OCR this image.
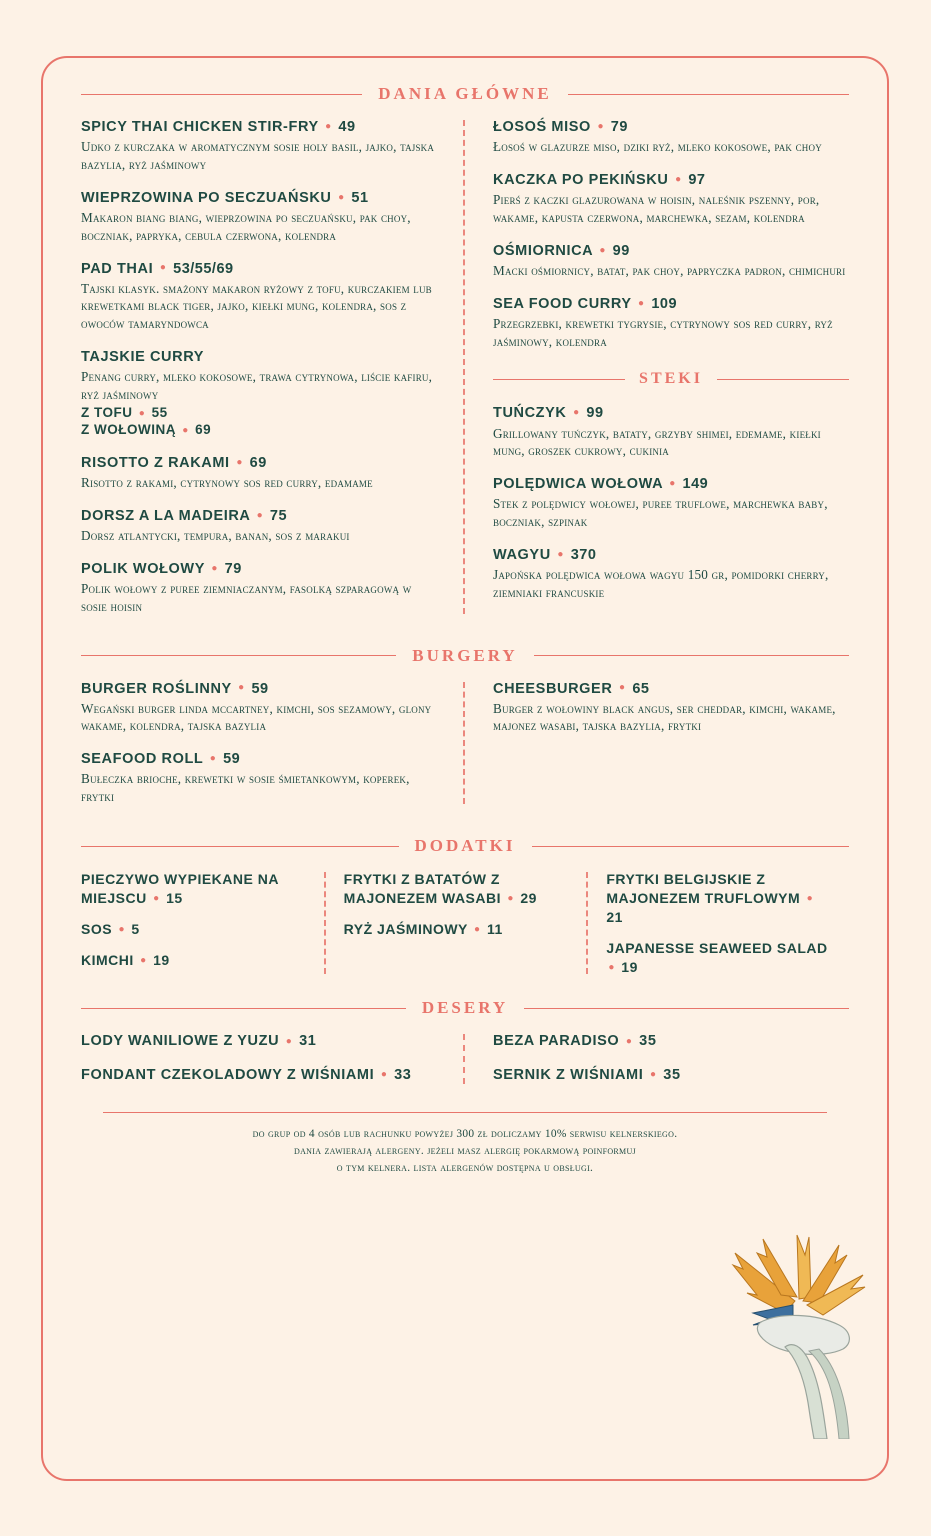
DANIA GŁÓWNE
SPICY THAI CHICKEN STIR-FRY ● 49
Udko z kurczaka w aromatycznym sosie holy basil, jajko, tajska bazylia, ryż jaśminowy
WIEPRZOWINA PO SECZUAŃSKU ● 51
Makaron biang biang, wieprzowina po seczuańsku, pak choy, boczniak, papryka, cebula czerwona, kolendra
PAD THAI ● 53/55/69
Tajski klasyk. smażony makaron ryżowy z tofu, kurczakiem lub krewetkami black tiger, jajko, kiełki mung, kolendra, sos z owoców tamaryndowca
TAJSKIE CURRY
Penang curry, mleko kokosowe, trawa cytrynowa, liście kafiru, ryż jaśminowy
Z TOFU ● 55
Z WOŁOWINĄ ● 69
RISOTTO Z RAKAMI ● 69
Risotto z rakami, cytrynowy sos red curry, edamame
DORSZ A LA MADEIRA ● 75
Dorsz atlantycki, tempura, banan, sos z marakui
POLIK WOŁOWY ● 79
Polik wołowy z puree ziemniaczanym, fasolką szparagową w sosie hoisin
ŁOSOŚ MISO ● 79
Łosoś w glazurze miso, dziki ryż, mleko kokosowe, pak choy
KACZKA PO PEKIŃSKU ● 97
Pierś z kaczki glazurowana w hoisin, naleśnik pszenny, por, wakame, kapusta czerwona, marchewka, sezam, kolendra
OŚMIORNICA ● 99
Macki ośmiornicy, batat, pak choy, papryczka padron, chimichuri
SEA FOOD CURRY ● 109
Przegrzebki, krewetki tygrysie, cytrynowy sos red curry, ryż jaśminowy, kolendra
STEKI
TUŃCZYK ● 99
Grillowany tuńczyk, bataty, grzyby shimei, edemame, kiełki mung, groszek cukrowy, cukinia
POLĘDWICA WOŁOWA ● 149
Stek z polędwicy wołowej, puree truflowe, marchewka baby, boczniak, szpinak
WAGYU ● 370
Japońska polędwica wołowa wagyu 150 gr, pomidorki cherry, ziemniaki francuskie
BURGERY
BURGER ROŚLINNY ● 59
Wegański burger linda mccartney, kimchi, sos sezamowy, glony wakame, kolendra, tajska bazylia
SEAFOOD ROLL ● 59
Bułeczka brioche, krewetki w sosie śmietankowym, koperek, frytki
CHEESBURGER ● 65
Burger z wołowiny black angus, ser cheddar, kimchi, wakame, majonez wasabi, tajska bazylia, frytki
DODATKI
PIECZYWO WYPIEKANE NA MIEJSCU ● 15
SOS ● 5
KIMCHI ● 19
FRYTKI Z BATATÓW Z MAJONEZEM WASABI ● 29
RYŻ JAŚMINOWY ● 11
FRYTKI BELGIJSKIE Z MAJONEZEM TRUFLOWYM ● 21
JAPANESSE SEAWEED SALAD ● 19
DESERY
LODY WANILIOWE Z YUZU ● 31
FONDANT CZEKOLADOWY Z WIŚNIAMI ● 33
BEZA PARADISO ● 35
SERNIK Z WIŚNIAMI ● 35
do grup od 4 osób lub rachunku powyżej 300 zł doliczamy 10% serwisu kelnerskiego.
dania zawierają alergeny. jeżeli masz alergię pokarmową poinformuj
o tym kelnera. lista alergenów dostępna u obsługi.
